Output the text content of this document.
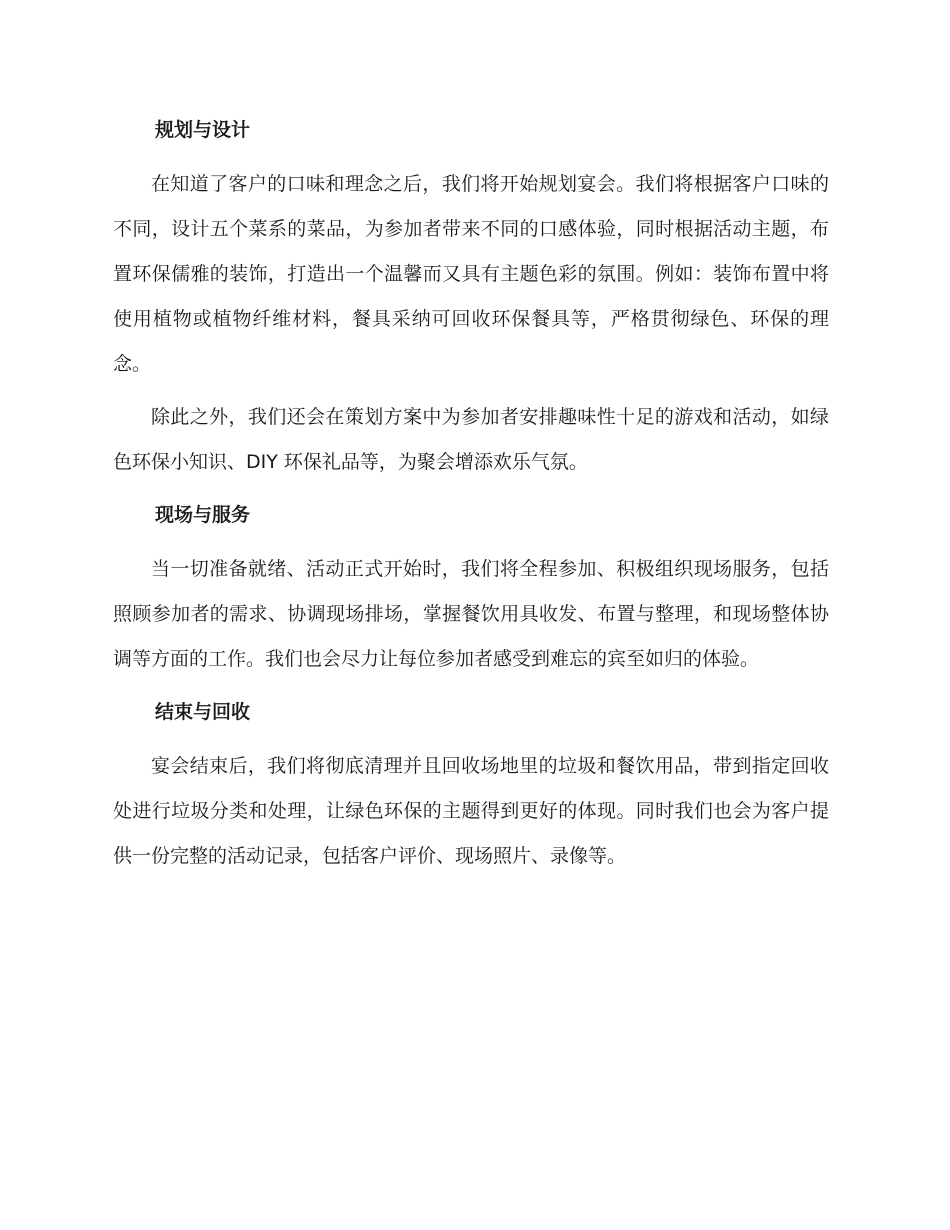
规划与设计

在知道了客户的口味和理念之后，我们将开始规划宴会。我们将根据客户口味的不同，设计五个菜系的菜品，为参加者带来不同的口感体验，同时根据活动主题，布置环保儒雅的装饰，打造出一个温馨而又具有主题色彩的氛围。例如：装饰布置中将使用植物或植物纤维材料，餐具采纳可回收环保餐具等，严格贯彻绿色、环保的理念。

除此之外，我们还会在策划方案中为参加者安排趣味性十足的游戏和活动，如绿色环保小知识、DIY 环保礼品等，为聚会增添欢乐气氛。

现场与服务

当一切准备就绪、活动正式开始时，我们将全程参加、积极组织现场服务，包括照顾参加者的需求、协调现场排场，掌握餐饮用具收发、布置与整理，和现场整体协调等方面的工作。我们也会尽力让每位参加者感受到难忘的宾至如归的体验。

结束与回收

宴会结束后，我们将彻底清理并且回收场地里的垃圾和餐饮用品，带到指定回收处进行垃圾分类和处理，让绿色环保的主题得到更好的体现。同时我们也会为客户提供一份完整的活动记录，包括客户评价、现场照片、录像等。
